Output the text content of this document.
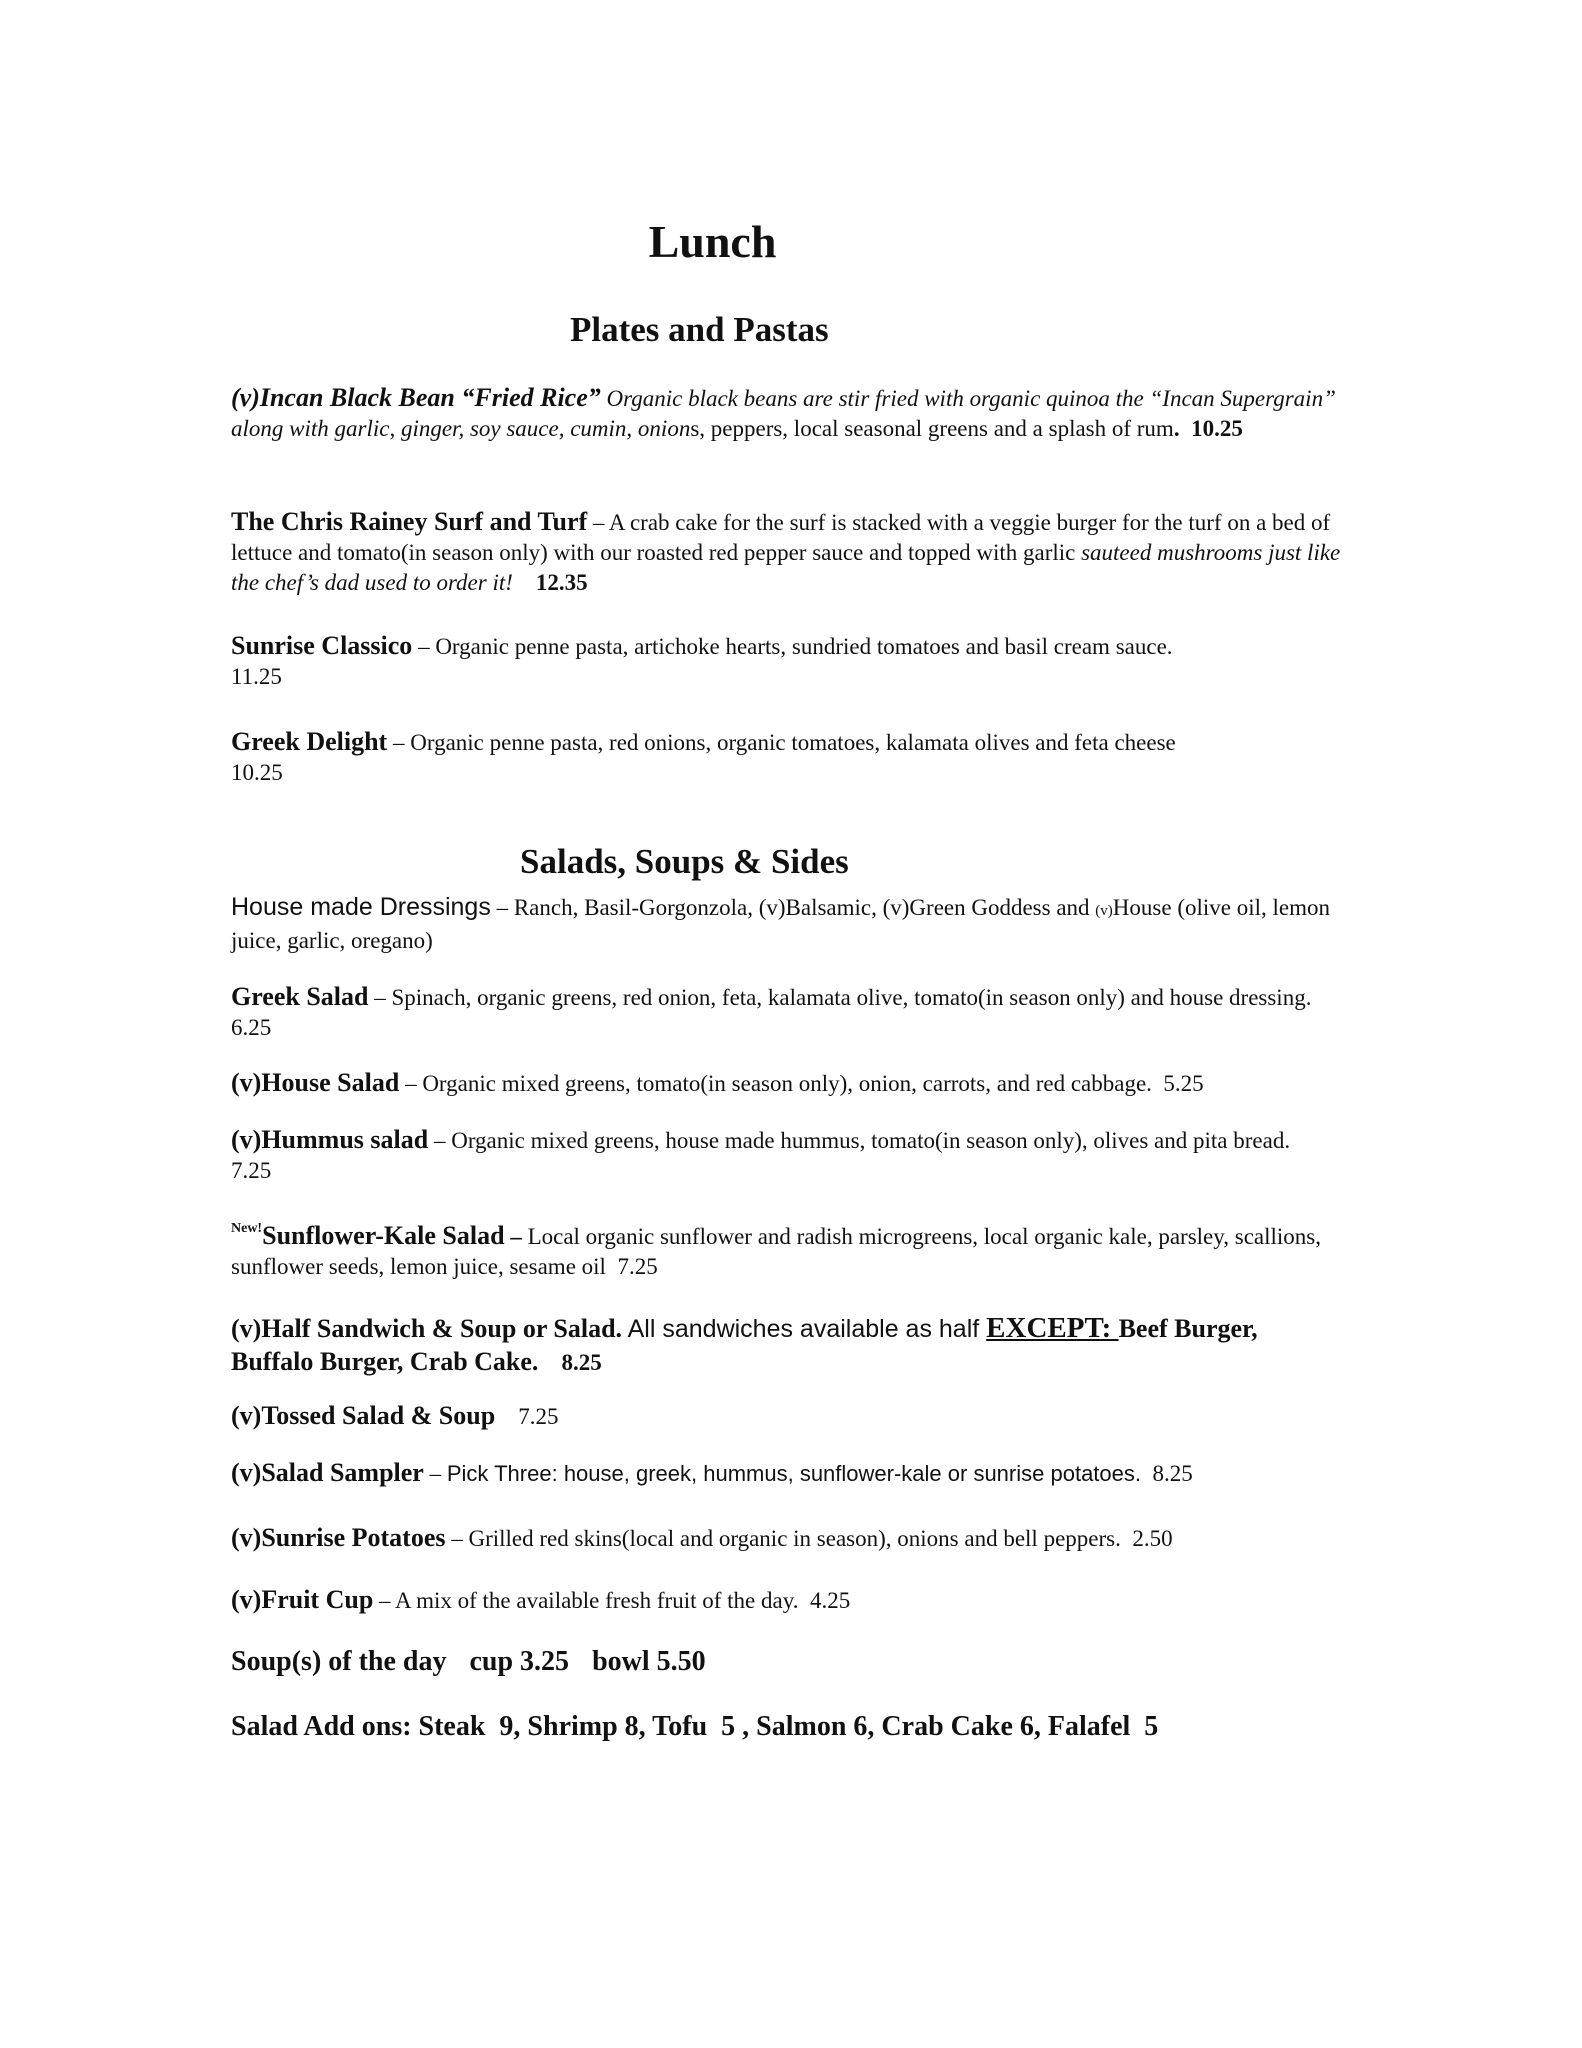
Lunch
Plates and Pastas

(v)Incan Black Bean “Fried Rice” Organic black beans are stir fried with organic quinoa the “Incan Supergrain” along with garlic, ginger, soy sauce, cumin, onions, peppers, local seasonal greens and a splash of rum. 10.25

The Chris Rainey Surf and Turf – A crab cake for the surf is stacked with a veggie burger for the turf on a bed of lettuce and tomato(in season only) with our roasted red pepper sauce and topped with garlic sauteed mushrooms just like the chef’s dad used to order it! 12.35

Sunrise Classico – Organic penne pasta, artichoke hearts, sundried tomatoes and basil cream sauce.
11.25

Greek Delight – Organic penne pasta, red onions, organic tomatoes, kalamata olives and feta cheese
10.25

Salads, Soups & Sides

House made Dressings – Ranch, Basil-Gorgonzola, (v)Balsamic, (v)Green Goddess and (v)House (olive oil, lemon juice, garlic, oregano)

Greek Salad – Spinach, organic greens, red onion, feta, kalamata olive, tomato(in season only) and house dressing.  6.25

(v)House Salad – Organic mixed greens, tomato(in season only), onion, carrots, and red cabbage. 5.25

(v)Hummus salad – Organic mixed greens, house made hummus, tomato(in season only), olives and pita bread.  7.25

$^{New!}$Sunflower-Kale Salad – Local organic sunflower and radish microgreens, local organic kale, parsley, scallions, sunflower seeds, lemon juice, sesame oil 7.25

(v)Half Sandwich & Soup or Salad. All sandwiches available as half EXCEPT: Beef Burger, Buffalo Burger, Crab Cake. 8.25

(v)Tossed Salad & Soup 7.25

(v)Salad Sampler – Pick Three: house, greek, hummus, sunflower-kale or sunrise potatoes. 8.25

(v)Sunrise Potatoes – Grilled red skins(local and organic in season), onions and bell peppers. 2.50

(v)Fruit Cup – A mix of the available fresh fruit of the day. 4.25

Soup(s) of the day cup 3.25 bowl 5.50

Salad Add ons: Steak  9, Shrimp 8, Tofu  5 , Salmon 6, Crab Cake 6, Falafel  5
